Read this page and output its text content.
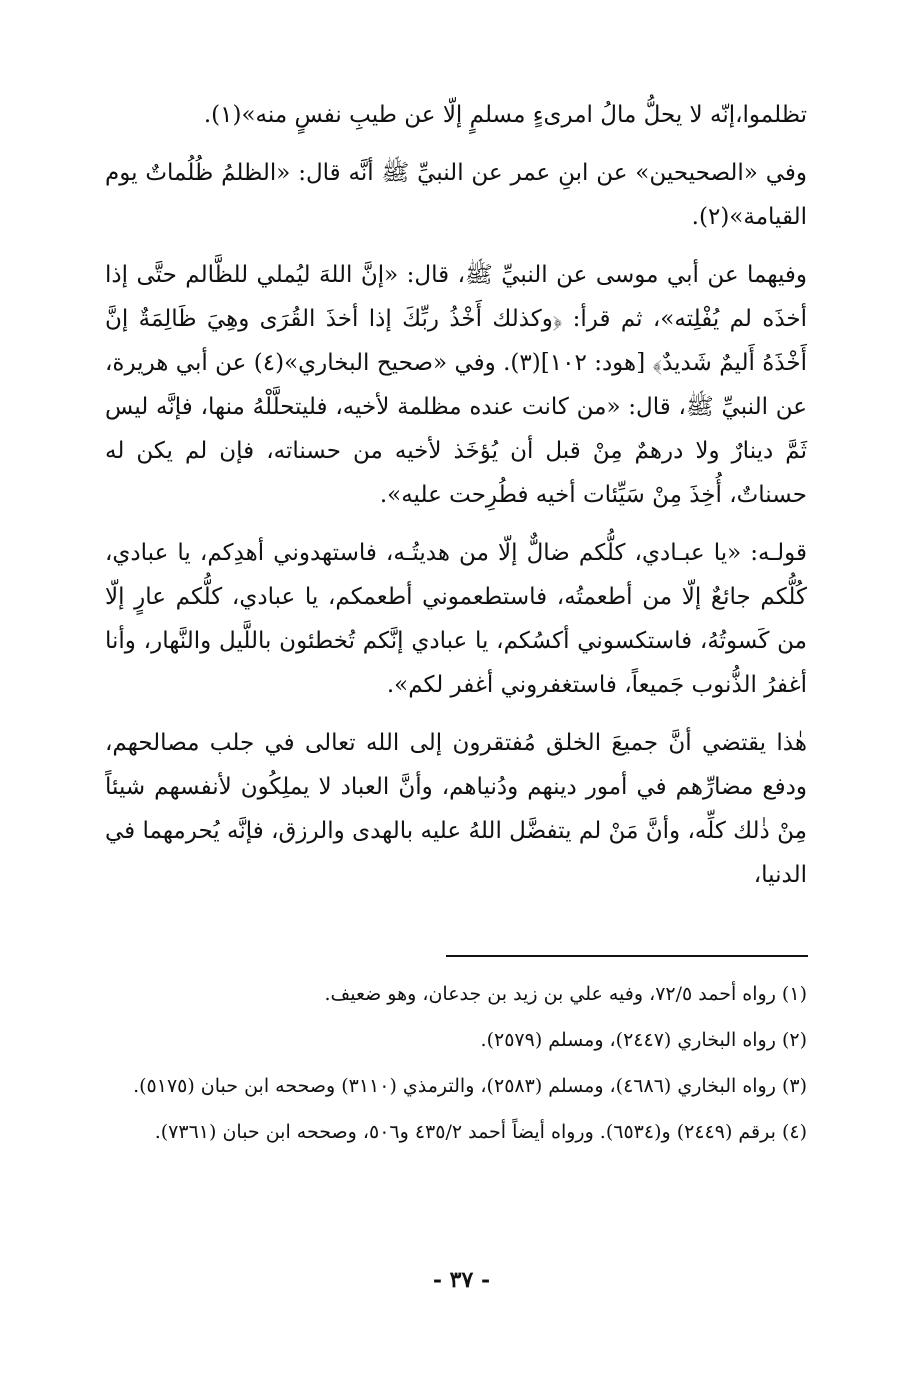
تظلموا،إنّه لا يحلُّ مالُ امرىءٍ مسلمٍ إلّا عن طيبِ نفسٍ منه»(١).

وفي «الصحيحين» عن ابنِ عمر عن النبيِّ ﷺ أنَّه قال: «الظلمُ ظُلُماتٌ يوم القيامة»(٢).

وفيهما عن أبي موسى عن النبيِّ ﷺ، قال: «إنَّ اللهَ ليُملي للظَّالم حتَّى إذا أخذَه لم يُفْلِته»، ثم قرأ: ﴿وكذلك أَخْذُ ربِّكَ إذا أخذَ القُرَى وهِيَ ظَالِمَةٌ إنَّ أَخْذَهُ أَليمٌ شَديدٌ﴾ [هود: ١٠٢](٣). وفي «صحيح البخاري»(٤) عن أبي هريرة، عن النبيِّ ﷺ، قال: «من كانت عنده مظلمة لأخيه، فليتحلَّلْهُ منها، فإنَّه ليس ثَمَّ دينارٌ ولا درهمٌ مِنْ قبل أن يُؤخَذ لأخيه من حسناته، فإن لم يكن له حسناتٌ، أُخِذَ مِنْ سَيِّئات أخيه فطُرِحت عليه».

قولـه: «يا عبـادي، كلُّكم ضالٌّ إلّا من هديتُـه، فاستهدوني أهدِكم، يا عبادي، كُلُّكم جائعٌ إلّا من أطعمتُه، فاستطعموني أطعمكم، يا عبادي، كلُّكم عارٍ إلّا من كَسوتُهُ، فاستكسوني أكسُكم، يا عبادي إنَّكم تُخطئون باللَّيل والنَّهار، وأنا أغفرُ الذُّنوب جَميعاً، فاستغفروني أغفر لكم».

هٰذا يقتضي أنَّ جميعَ الخلق مُفتقرون إلى الله تعالى في جلب مصالحهم، ودفع مضارِّهم في أمور دينهم ودُنياهم، وأنَّ العباد لا يملِكُون لأنفسهم شيئاً مِنْ ذٰلك كلِّه، وأنَّ مَنْ لم يتفضَّل اللهُ عليه بالهدى والرزق، فإنَّه يُحرمهما في الدنيا،

(١) رواه أحمد ٧٢/٥، وفيه علي بن زيد بن جدعان، وهو ضعيف.

(٢) رواه البخاري (٢٤٤٧)، ومسلم (٢٥٧٩).

(٣) رواه البخاري (٤٦٨٦)، ومسلم (٢٥٨٣)، والترمذي (٣١١٠) وصححه ابن حبان (٥١٧٥).

(٤) برقم (٢٤٤٩) و(٦٥٣٤). ورواه أيضاً أحمد ٤٣٥/٢ و٥٠٦، وصححه ابن حبان (٧٣٦١).

- ٣٧ -
